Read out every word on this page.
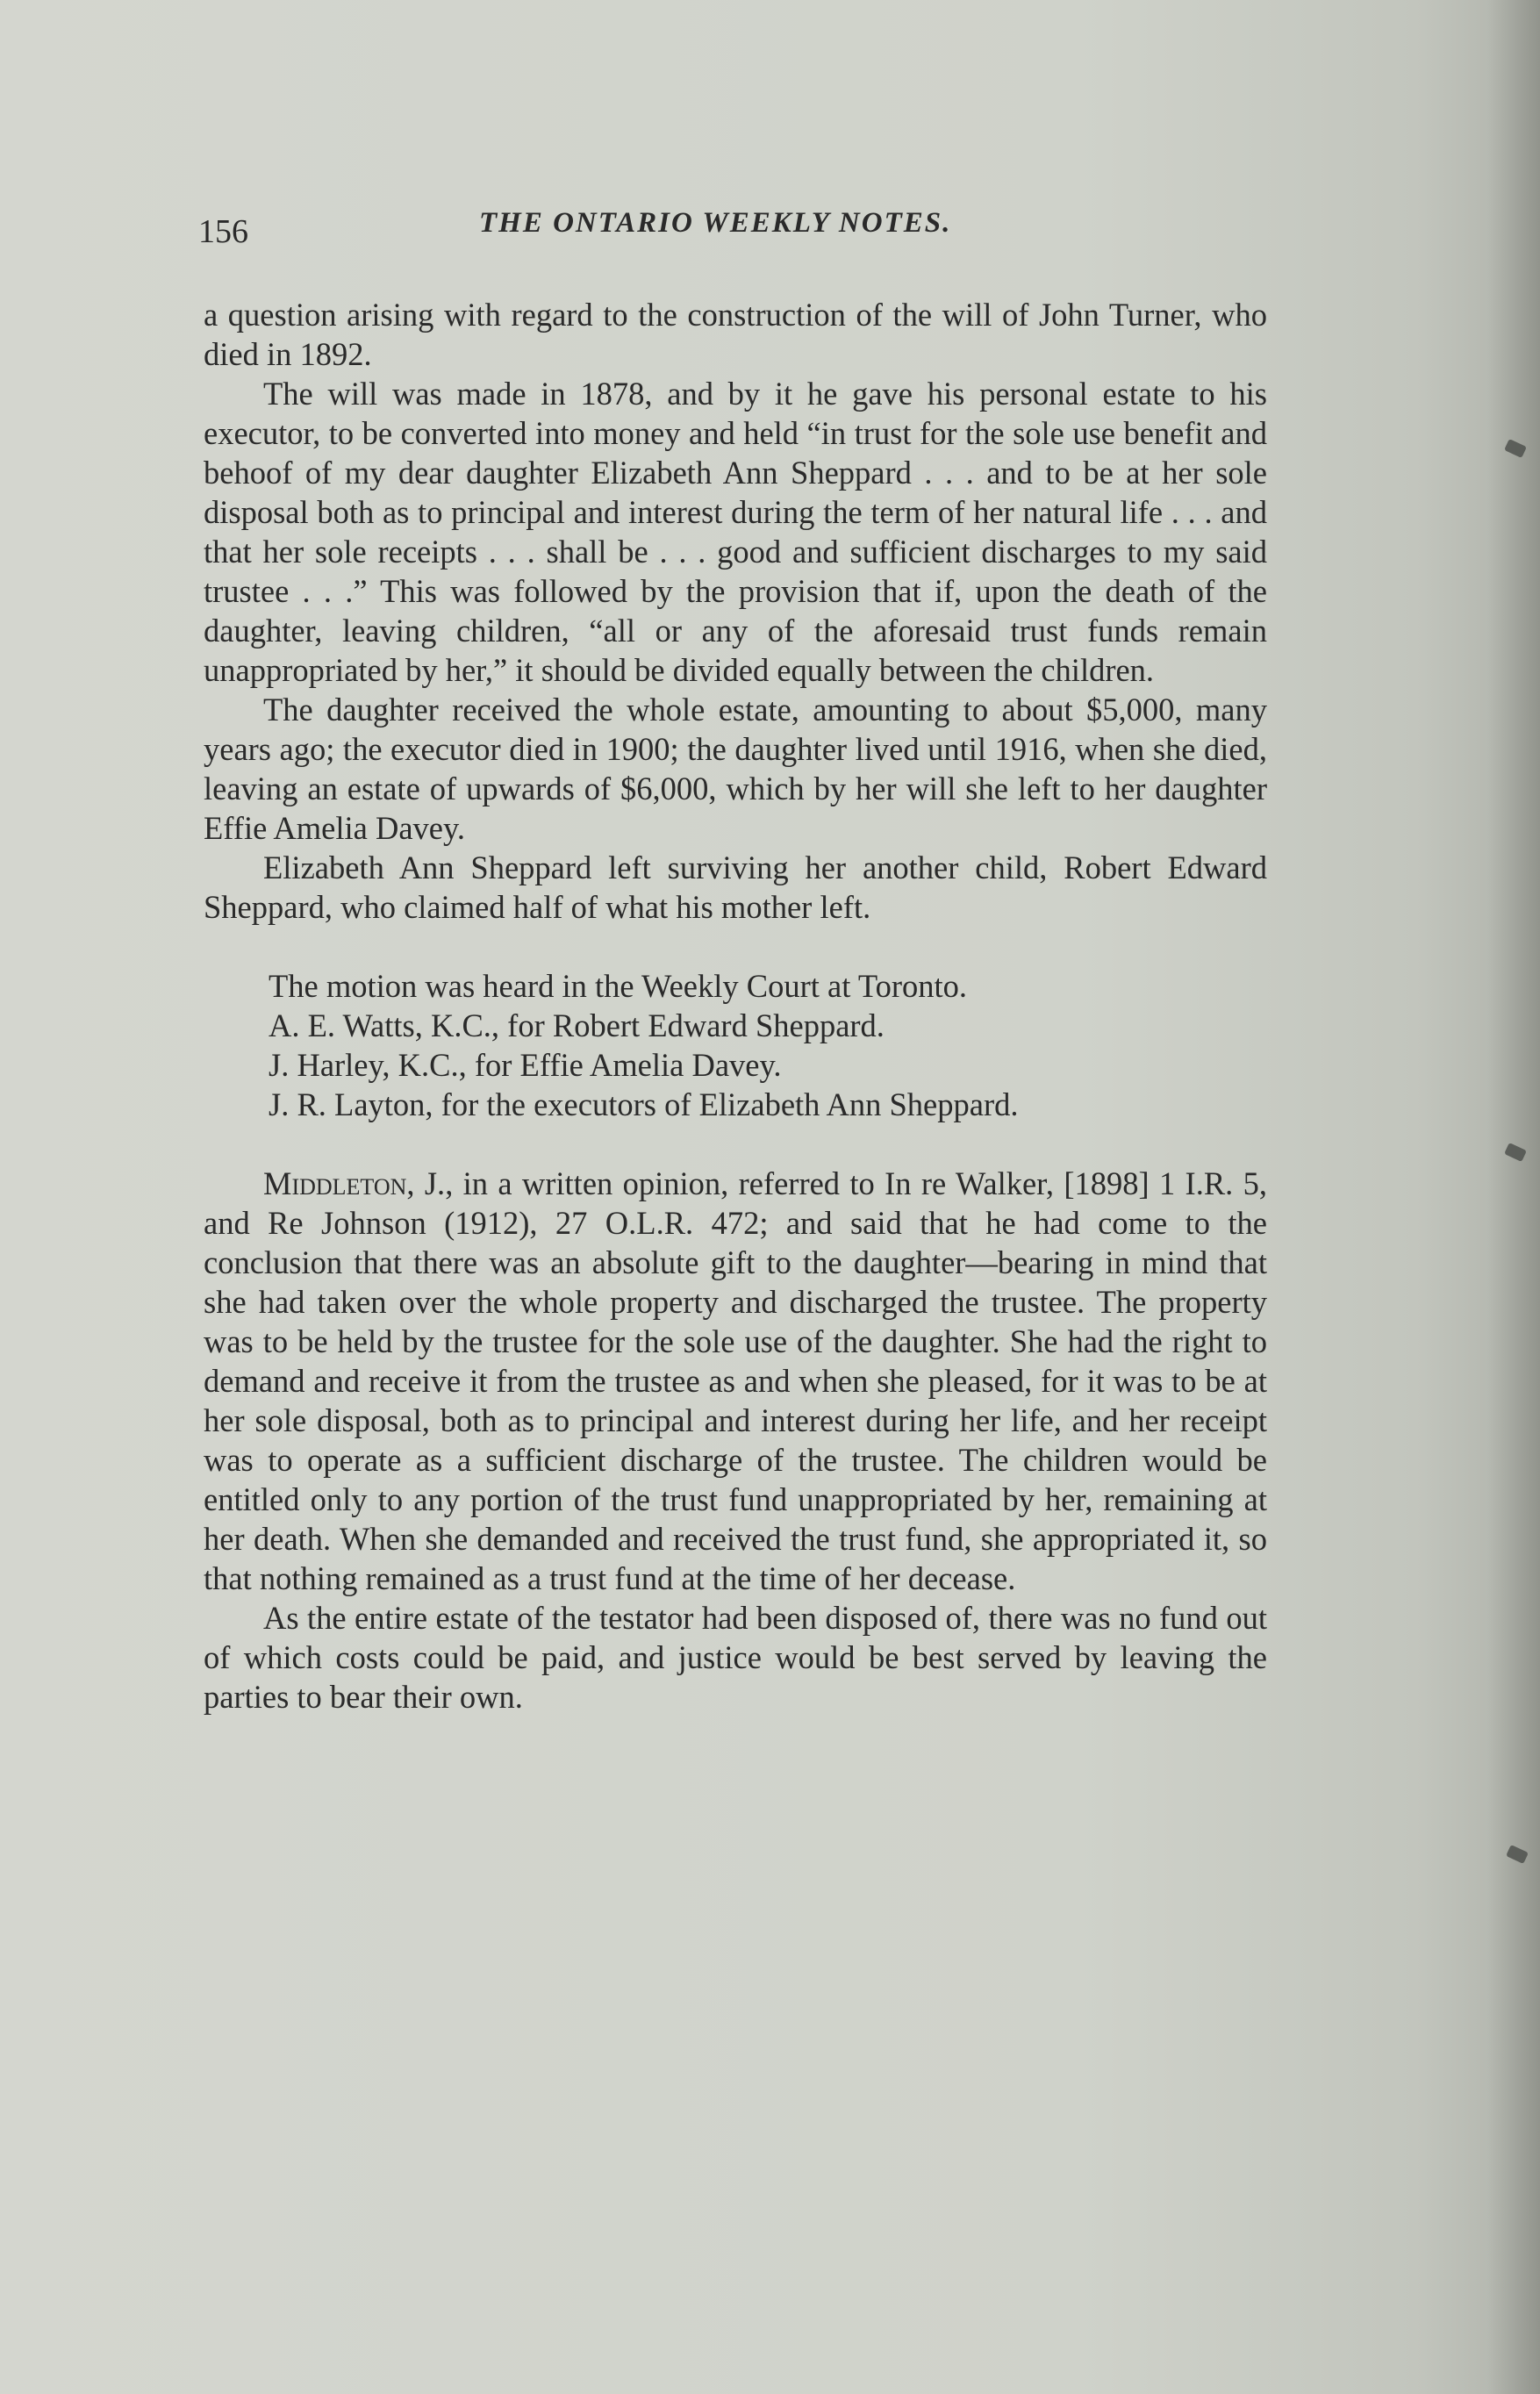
156	THE ONTARIO WEEKLY NOTES.

a question arising with regard to the construction of the will of John Turner, who died in 1892.

The will was made in 1878, and by it he gave his personal estate to his executor, to be converted into money and held “in trust for the sole use benefit and behoof of my dear daughter Elizabeth Ann Sheppard . . . and to be at her sole disposal both as to principal and interest during the term of her natural life . . . and that her sole receipts . . . shall be . . . good and sufficient discharges to my said trustee . . .” This was followed by the provision that if, upon the death of the daughter, leaving children, “all or any of the aforesaid trust funds remain unappropriated by her,” it should be divided equally between the children.

The daughter received the whole estate, amounting to about $5,000, many years ago; the executor died in 1900; the daughter lived until 1916, when she died, leaving an estate of upwards of $6,000, which by her will she left to her daughter Effie Amelia Davey.

Elizabeth Ann Sheppard left surviving her another child, Robert Edward Sheppard, who claimed half of what his mother left.

The motion was heard in the Weekly Court at Toronto.

A. E. Watts, K.C., for Robert Edward Sheppard.

J. Harley, K.C., for Effie Amelia Davey.

J. R. Layton, for the executors of Elizabeth Ann Sheppard.

Middleton, J., in a written opinion, referred to In re Walker, [1898] 1 I.R. 5, and Re Johnson (1912), 27 O.L.R. 472; and said that he had come to the conclusion that there was an absolute gift to the daughter—bearing in mind that she had taken over the whole property and discharged the trustee. The property was to be held by the trustee for the sole use of the daughter. She had the right to demand and receive it from the trustee as and when she pleased, for it was to be at her sole disposal, both as to principal and interest during her life, and her receipt was to operate as a sufficient discharge of the trustee. The children would be entitled only to any portion of the trust fund unappropriated by her, remaining at her death. When she demanded and received the trust fund, she appropriated it, so that nothing remained as a trust fund at the time of her decease.

As the entire estate of the testator had been disposed of, there was no fund out of which costs could be paid, and justice would be best served by leaving the parties to bear their own.
